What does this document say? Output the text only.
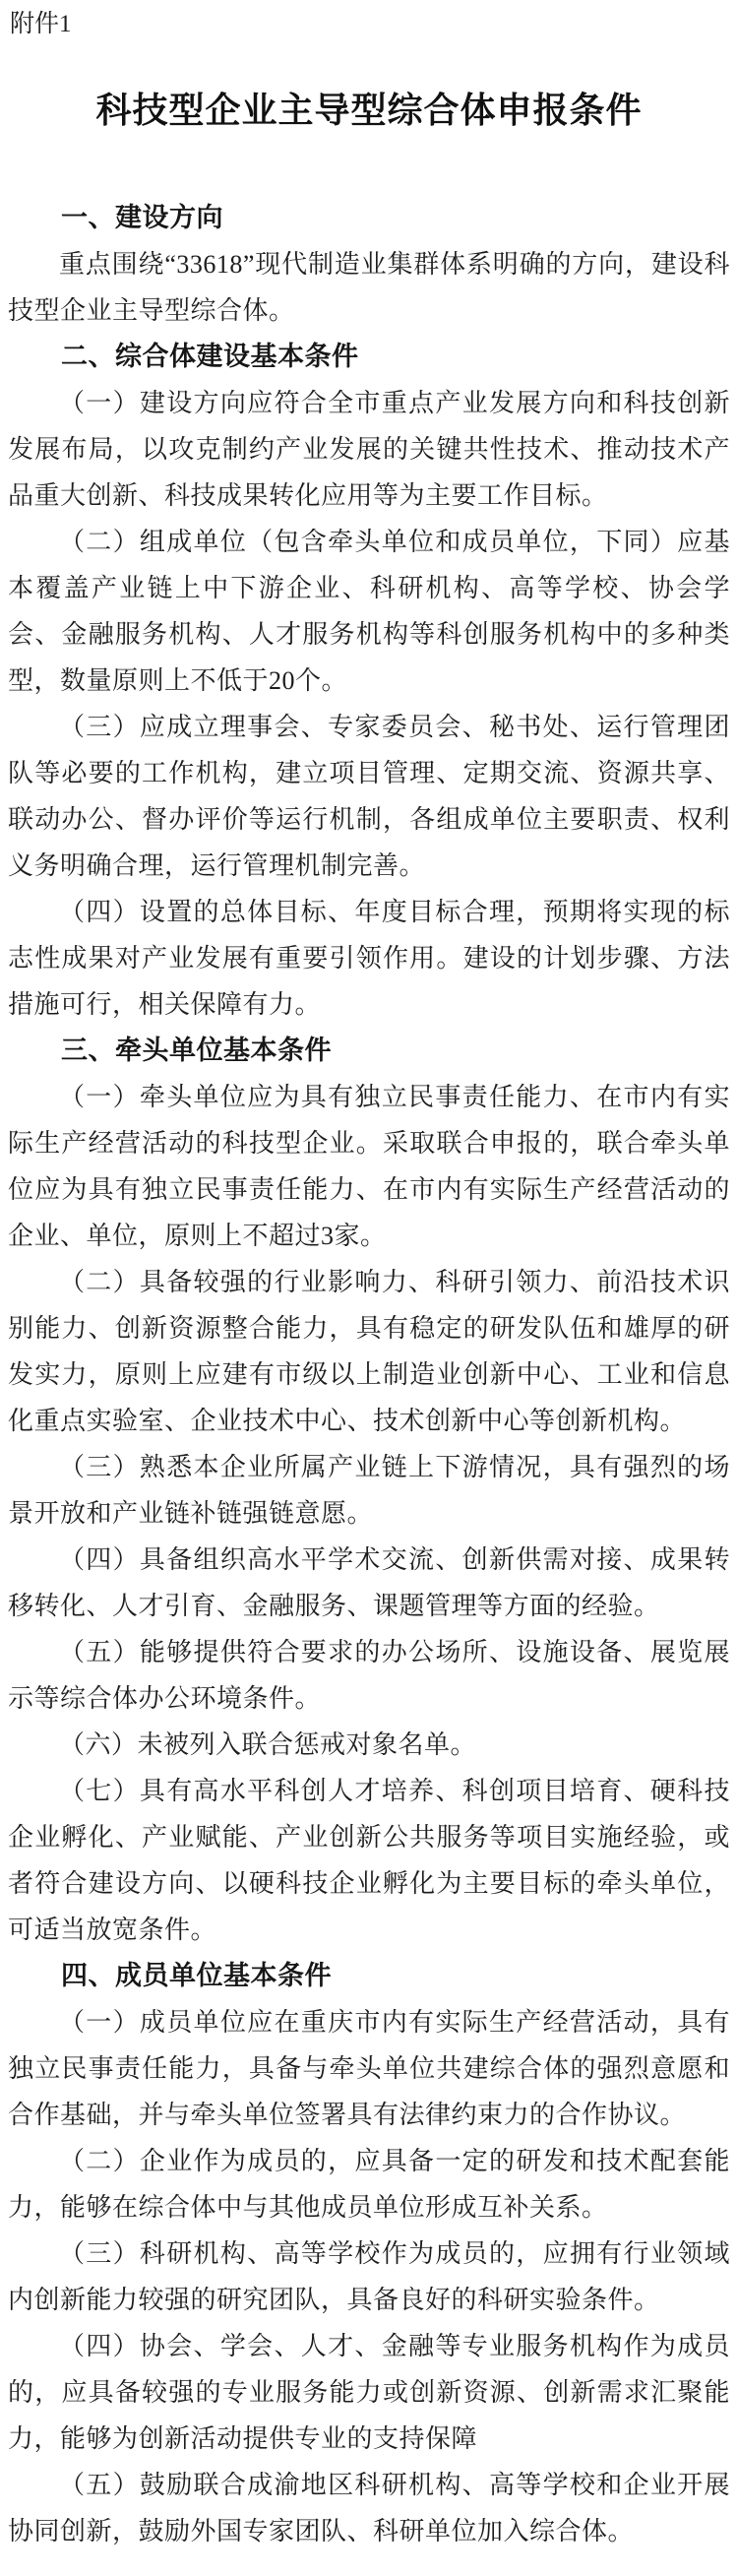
附件1
科技型企业主导型综合体申报条件
一、建设方向

重点围绕“33618”现代制造业集群体系明确的方向，建设科技型企业主导型综合体。

二、综合体建设基本条件

（一）建设方向应符合全市重点产业发展方向和科技创新发展布局，以攻克制约产业发展的关键共性技术、推动技术产品重大创新、科技成果转化应用等为主要工作目标。

（二）组成单位（包含牵头单位和成员单位，下同）应基本覆盖产业链上中下游企业、科研机构、高等学校、协会学会、金融服务机构、人才服务机构等科创服务机构中的多种类型，数量原则上不低于20个。

（三）应成立理事会、专家委员会、秘书处、运行管理团队等必要的工作机构，建立项目管理、定期交流、资源共享、联动办公、督办评价等运行机制，各组成单位主要职责、权利义务明确合理，运行管理机制完善。

（四）设置的总体目标、年度目标合理，预期将实现的标志性成果对产业发展有重要引领作用。建设的计划步骤、方法措施可行，相关保障有力。

三、牵头单位基本条件

（一）牵头单位应为具有独立民事责任能力、在市内有实际生产经营活动的科技型企业。采取联合申报的，联合牵头单位应为具有独立民事责任能力、在市内有实际生产经营活动的企业、单位，原则上不超过3家。

（二）具备较强的行业影响力、科研引领力、前沿技术识别能力、创新资源整合能力，具有稳定的研发队伍和雄厚的研发实力，原则上应建有市级以上制造业创新中心、工业和信息化重点实验室、企业技术中心、技术创新中心等创新机构。

（三）熟悉本企业所属产业链上下游情况，具有强烈的场景开放和产业链补链强链意愿。

（四）具备组织高水平学术交流、创新供需对接、成果转移转化、人才引育、金融服务、课题管理等方面的经验。

（五）能够提供符合要求的办公场所、设施设备、展览展示等综合体办公环境条件。

（六）未被列入联合惩戒对象名单。

（七）具有高水平科创人才培养、科创项目培育、硬科技企业孵化、产业赋能、产业创新公共服务等项目实施经验，或者符合建设方向、以硬科技企业孵化为主要目标的牵头单位，可适当放宽条件。

四、成员单位基本条件

（一）成员单位应在重庆市内有实际生产经营活动，具有独立民事责任能力，具备与牵头单位共建综合体的强烈意愿和合作基础，并与牵头单位签署具有法律约束力的合作协议。

（二）企业作为成员的，应具备一定的研发和技术配套能力，能够在综合体中与其他成员单位形成互补关系。

（三）科研机构、高等学校作为成员的，应拥有行业领域内创新能力较强的研究团队，具备良好的科研实验条件。

（四）协会、学会、人才、金融等专业服务机构作为成员的，应具备较强的专业服务能力或创新资源、创新需求汇聚能力，能够为创新活动提供专业的支持保障

（五）鼓励联合成渝地区科研机构、高等学校和企业开展协同创新，鼓励外国专家团队、科研单位加入综合体。
